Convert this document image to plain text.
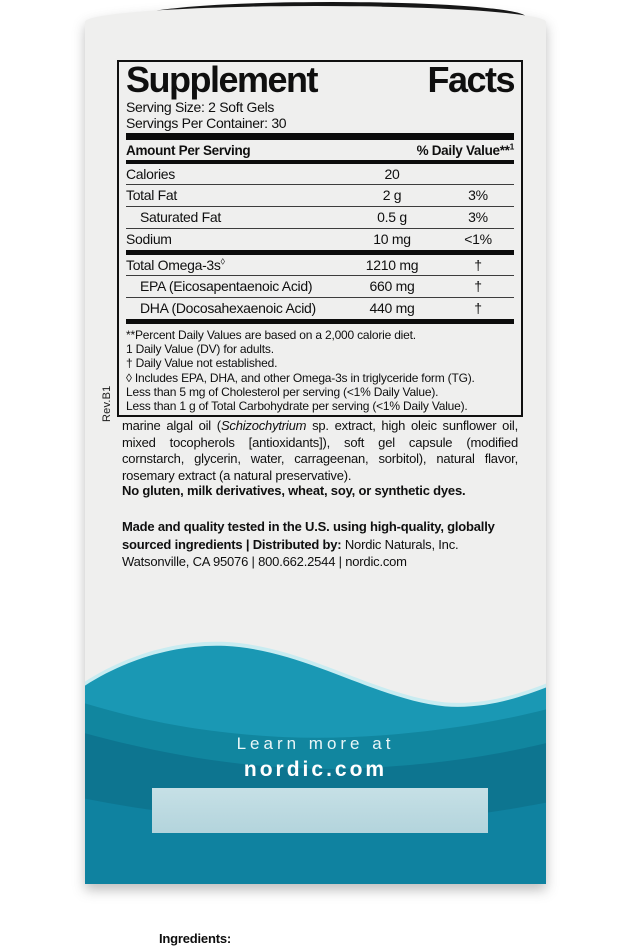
Supplement	Facts
Serving Size: 2 Soft Gels
Servings Per Container: 30
Amount Per Serving	% Daily Value**$^1$
Calories	20
Total Fat	2 g	3%
Saturated Fat	0.5 g	3%
Sodium	10 mg	<1%
Total Omega-3s◊	1210 mg	†
EPA (Eicosapentaenoic Acid)	660 mg	†
DHA (Docosahexaenoic Acid)	440 mg	†
**Percent Daily Values are based on a 2,000 calorie diet.
1 Daily Value (DV) for adults.
† Daily Value not established.
◊ Includes EPA, DHA, and other Omega-3s in triglyceride form (TG).
Less than 5 mg of Cholesterol per serving (<1% Daily Value).
Less than 1 g of Total Carbohydrate per serving (<1% Daily Value).
Rev.B1
Ingredients:
marine algal oil (Schizochytrium sp. extract, high oleic sunflower oil, mixed tocopherols [antioxidants]), soft gel capsule (modified cornstarch, glycerin, water, carrageenan, sorbitol), natural flavor, rosemary extract (a natural preservative).
No gluten, milk derivatives, wheat, soy, or synthetic dyes.
Made and quality tested in the U.S. using high-quality, globally sourced ingredients | Distributed by: Nordic Naturals, Inc.
Watsonville, CA 95076 | 800.662.2544 | nordic.com
Learn more at
nordic.com
